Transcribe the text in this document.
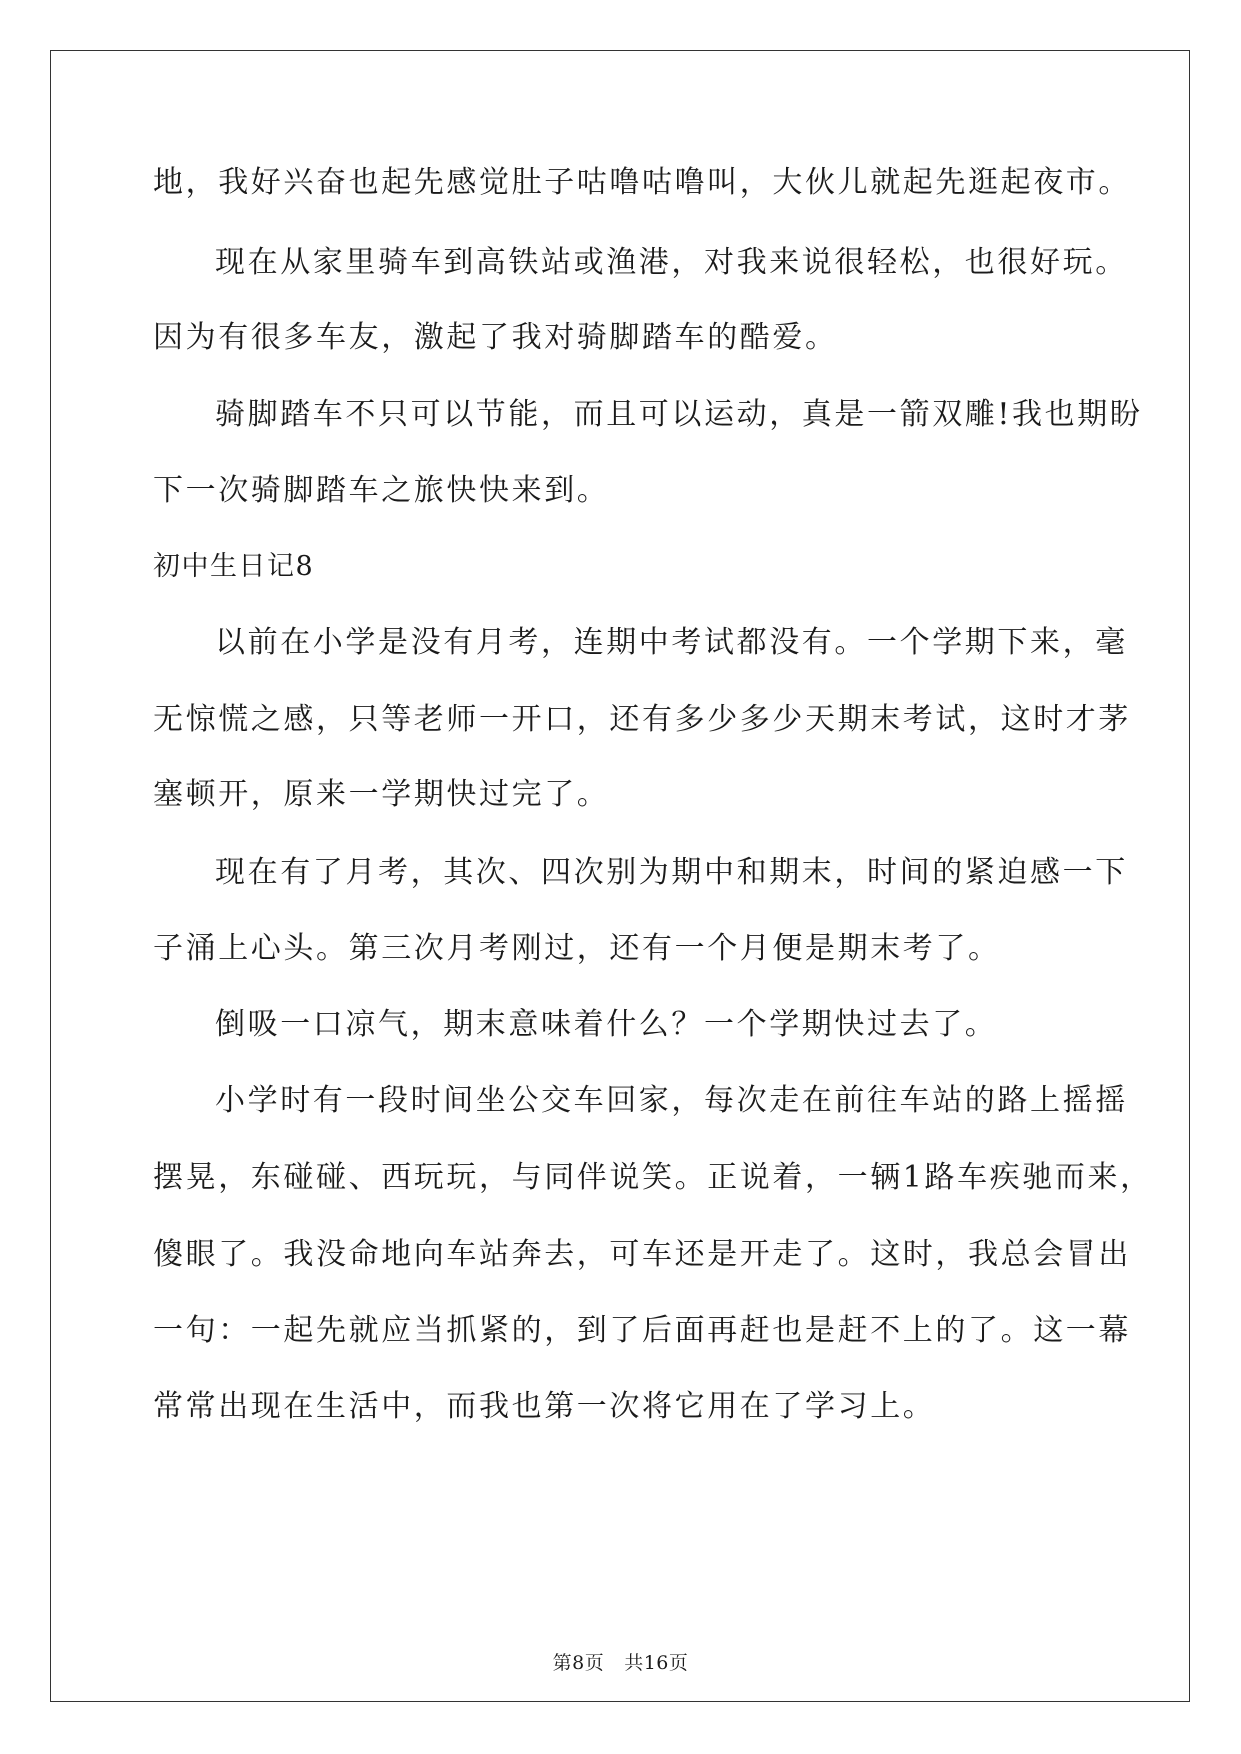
地，我好兴奋也起先感觉肚子咕噜咕噜叫，大伙儿就起先逛起夜市。
现在从家里骑车到高铁站或渔港，对我来说很轻松，也很好玩。
因为有很多车友，激起了我对骑脚踏车的酷爱。
骑脚踏车不只可以节能，而且可以运动，真是一箭双雕!我也期盼
下一次骑脚踏车之旅快快来到。
初中生日记8
以前在小学是没有月考，连期中考试都没有。一个学期下来，毫
无惊慌之感，只等老师一开口，还有多少多少天期末考试，这时才茅
塞顿开，原来一学期快过完了。
现在有了月考，其次、四次别为期中和期末，时间的紧迫感一下
子涌上心头。第三次月考刚过，还有一个月便是期末考了。
倒吸一口凉气，期末意味着什么？一个学期快过去了。
小学时有一段时间坐公交车回家，每次走在前往车站的路上摇摇
摆晃，东碰碰、西玩玩，与同伴说笑。正说着，一辆1路车疾驰而来，
傻眼了。我没命地向车站奔去，可车还是开走了。这时，我总会冒出
一句：一起先就应当抓紧的，到了后面再赶也是赶不上的了。这一幕
常常出现在生活中，而我也第一次将它用在了学习上。
第8页 共16页
